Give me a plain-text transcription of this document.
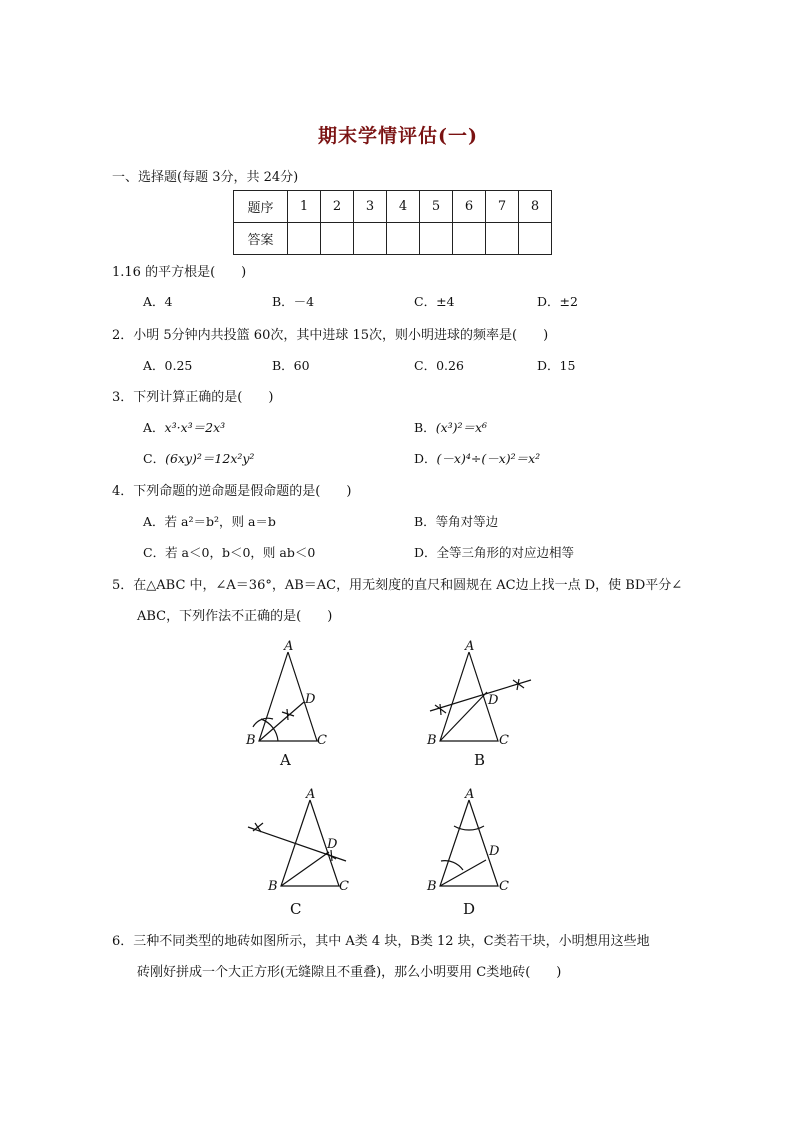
期末学情评估(一)
一、选择题(每题 3分，共 24分)
题序	1	2	3	4	5	6	7	8
答案								
1.16 的平方根是(　　)
A．4	B．－4	C．±4	D．±2
2．小明 5分钟内共投篮 60次，其中进球 15次，则小明进球的频率是(　　)
A．0.25	B．60	C．0.26	D．15
3．下列计算正确的是(　　)
A．x³·x³＝2x³	B．(x³)²＝x⁶
C．(6xy)²＝12x²y²	D．(－x)⁴÷(－x)²＝x²
4．下列命题的逆命题是假命题的是(　　)
A．若 a²＝b²，则 a＝b	B．等角对等边
C．若 a＜0，b＜0，则 ab＜0	D．全等三角形的对应边相等
5．在△ABC 中，∠A＝36°，AB＝AC，用无刻度的直尺和圆规在 AC边上找一点 D，使 BD平分∠
ABC，下列作法不正确的是(　　)
A
B	C
D
A
B	C
D
A
B	C
D
A
B	C
D
A	B
C	D
6．三种不同类型的地砖如图所示，其中 A类 4 块，B类 12 块，C类若干块，小明想用这些地
砖刚好拼成一个大正方形(无缝隙且不重叠)，那么小明要用 C类地砖(　　)
